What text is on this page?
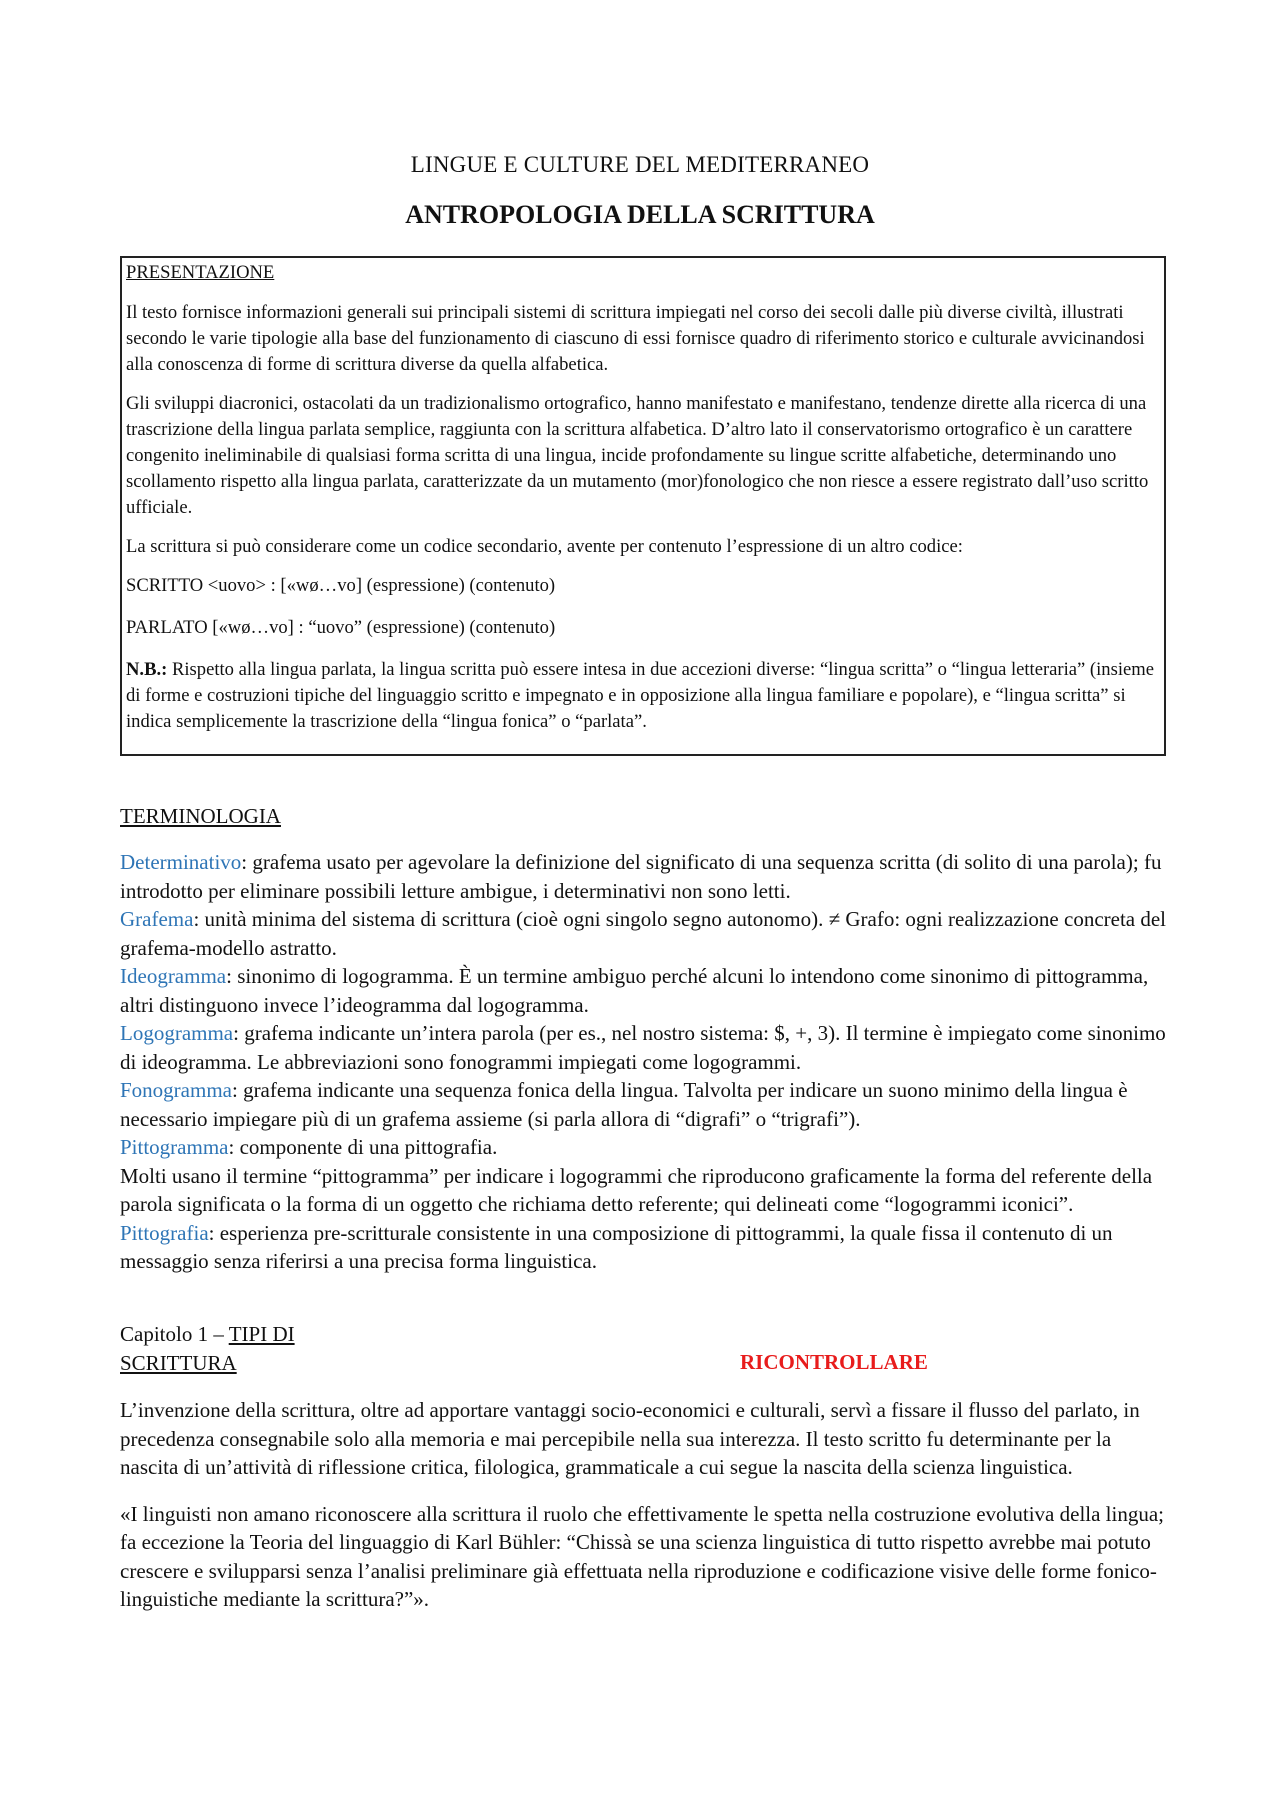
LINGUE E CULTURE DEL MEDITERRANEO
ANTROPOLOGIA DELLA SCRITTURA
PRESENTAZIONE

Il testo fornisce informazioni generali sui principali sistemi di scrittura impiegati nel corso dei secoli dalle più diverse civiltà, illustrati secondo le varie tipologie alla base del funzionamento di ciascuno di essi fornisce quadro di riferimento storico e culturale avvicinandosi alla conoscenza di forme di scrittura diverse da quella alfabetica.

Gli sviluppi diacronici, ostacolati da un tradizionalismo ortografico, hanno manifestato e manifestano, tendenze dirette alla ricerca di una trascrizione della lingua parlata semplice, raggiunta con la scrittura alfabetica. D’altro lato il conservatorismo ortografico è un carattere congenito ineliminabile di qualsiasi forma scritta di una lingua, incide profondamente su lingue scritte alfabetiche, determinando uno scollamento rispetto alla lingua parlata, caratterizzate da un mutamento (mor)fonologico che non riesce a essere registrato dall’uso scritto ufficiale.

La scrittura si può considerare come un codice secondario, avente per contenuto l’espressione di un altro codice:

SCRITTO <uovo> : [«wø…vo] (espressione) (contenuto)

PARLATO [«wø…vo] : “uovo” (espressione) (contenuto)

N.B.: Rispetto alla lingua parlata, la lingua scritta può essere intesa in due accezioni diverse: “lingua scritta” o “lingua letteraria” (insieme di forme e costruzioni tipiche del linguaggio scritto e impegnato e in opposizione alla lingua familiare e popolare), e “lingua scritta” si indica semplicemente la trascrizione della “lingua fonica” o “parlata”.

TERMINOLOGIA

Determinativo: grafema usato per agevolare la definizione del significato di una sequenza scritta (di solito di una parola); fu introdotto per eliminare possibili letture ambigue, i determinativi non sono letti.

Grafema: unità minima del sistema di scrittura (cioè ogni singolo segno autonomo). ≠ Grafo: ogni realizzazione concreta del grafema-modello astratto.

Ideogramma: sinonimo di logogramma. È un termine ambiguo perché alcuni lo intendono come sinonimo di pittogramma, altri distinguono invece l’ideogramma dal logogramma.

Logogramma: grafema indicante un’intera parola (per es., nel nostro sistema: $, +, 3). Il termine è impiegato come sinonimo di ideogramma. Le abbreviazioni sono fonogrammi impiegati come logogrammi.

Fonogramma: grafema indicante una sequenza fonica della lingua. Talvolta per indicare un suono minimo della lingua è necessario impiegare più di un grafema assieme (si parla allora di “digrafi” o “trigrafi”).

Pittogramma: componente di una pittografia.

Molti usano il termine “pittogramma” per indicare i logogrammi che riproducono graficamente la forma del referente della parola significata o la forma di un oggetto che richiama detto referente; qui delineati come “logogrammi iconici”.

Pittografia: esperienza pre-scritturale consistente in una composizione di pittogrammi, la quale fissa il contenuto di un messaggio senza riferirsi a una precisa forma linguistica.

Capitolo 1 – TIPI DI
SCRITTURA	RICONTROLLARE

L’invenzione della scrittura, oltre ad apportare vantaggi socio-economici e culturali, servì a fissare il flusso del parlato, in precedenza consegnabile solo alla memoria e mai percepibile nella sua interezza. Il testo scritto fu determinante per la nascita di un’attività di riflessione critica, filologica, grammaticale a cui segue la nascita della scienza linguistica.

«I linguisti non amano riconoscere alla scrittura il ruolo che effettivamente le spetta nella costruzione evolutiva della lingua; fa eccezione la Teoria del linguaggio di Karl Bühler: “Chissà se una scienza linguistica di tutto rispetto avrebbe mai potuto crescere e svilupparsi senza l’analisi preliminare già effettuata nella riproduzione e codificazione visive delle forme fonico-linguistiche mediante la scrittura?”».
